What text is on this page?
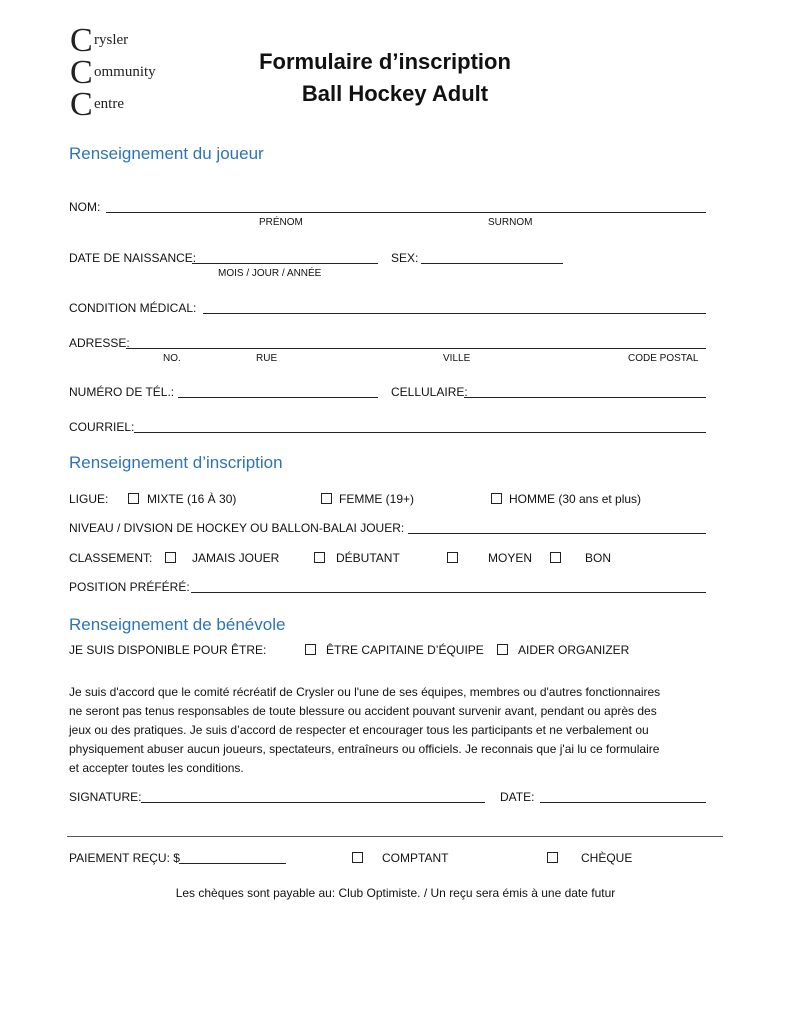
C rysler
C ommunity
C entre
Formulaire d’inscription
Ball Hockey Adult
Renseignement du joueur
NOM:
PRÉNOM	SURNOM
DATE DE NAISSANCE:
MOIS / JOUR / ANNÉE
SEX:
CONDITION MÉDICAL:
ADRESSE:
NO.	RUE	VILLE	CODE POSTAL
NUMÉRO DE TÉL.:	CELLULAIRE:
COURRIEL:
Renseignement d’inscription
LIGUE:	MIXTE (16 À 30)	FEMME (19+)	HOMME (30 ans et plus)
NIVEAU / DIVSION DE HOCKEY OU BALLON-BALAI JOUER:
CLASSEMENT:	JAMAIS JOUER	DÉBUTANT	MOYEN	BON
POSITION PRÉFÉRÉ:
Renseignement de bénévole
JE SUIS DISPONIBLE POUR ÊTRE:	ÊTRE CAPITAINE D’ÉQUIPE	AIDER ORGANIZER
Je suis d'accord que le comité récréatif de Crysler ou l'une de ses équipes, membres ou d'autres fonctionnaires
ne seront pas tenus responsables de toute blessure ou accident pouvant survenir avant, pendant ou après des
jeux ou des pratiques. Je suis d’accord de respecter et encourager tous les participants et ne verbalement ou
physiquement abuser aucun joueurs, spectateurs, entraîneurs ou officiels. Je reconnais que j'ai lu ce formulaire
et accepter toutes les conditions.
SIGNATURE:	DATE:
PAIEMENT REÇU: $	COMPTANT	CHÈQUE
Les chèques sont payable au: Club Optimiste. / Un reçu sera émis à une date futur
